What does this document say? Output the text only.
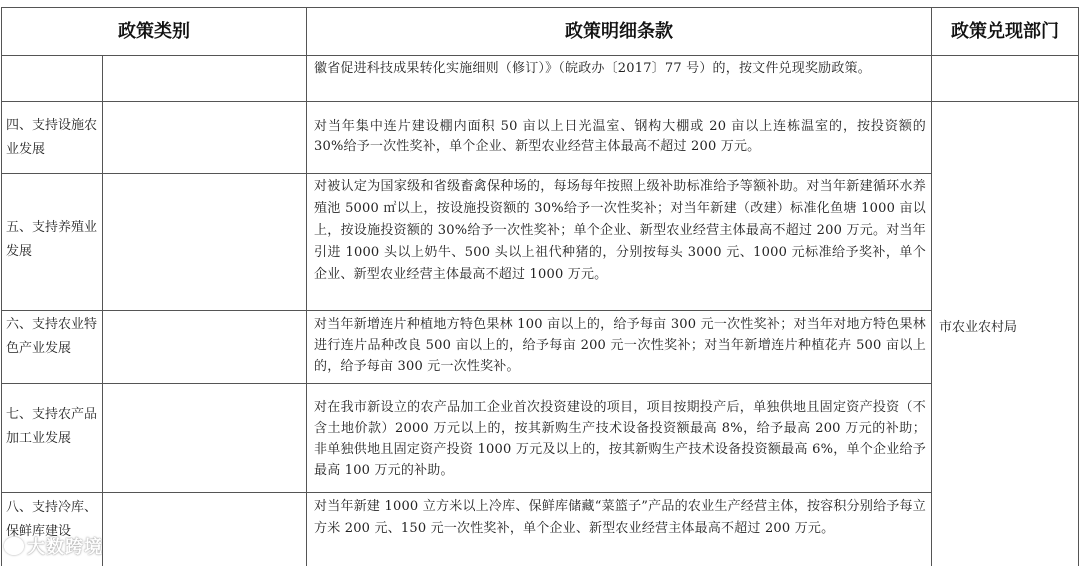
政策类别	政策明细条款	政策兑现部门
徽省促进科技成果转化实施细则（修订）》（皖政办〔2017〕77 号）的，按文件兑现奖励政策。
四、支持设施农业发展
对当年集中连片建设棚内面积 50 亩以上日光温室、钢构大棚或 20 亩以上连栋温室的，按投资额的 30%给予一次性奖补，单个企业、新型农业经营主体最高不超过 200 万元。
五、支持养殖业发展
对被认定为国家级和省级畜禽保种场的，每场每年按照上级补助标准给予等额补助。对当年新建循环水养殖池 5000 ㎡以上，按设施投资额的 30%给予一次性奖补；对当年新建（改建）标准化鱼塘 1000 亩以上，按设施投资额的 30%给予一次性奖补；单个企业、新型农业经营主体最高不超过 200 万元。对当年引进 1000 头以上奶牛、500 头以上祖代种猪的，分别按每头 3000 元、1000 元标准给予奖补，单个企业、新型农业经营主体最高不超过 1000 万元。
六、支持农业特色产业发展
对当年新增连片种植地方特色果林 100 亩以上的，给予每亩 300 元一次性奖补；对当年对地方特色果林进行连片品种改良 500 亩以上的，给予每亩 200 元一次性奖补；对当年新增连片种植花卉 500 亩以上的，给予每亩 300 元一次性奖补。
七、支持农产品加工业发展
对在我市新设立的农产品加工企业首次投资建设的项目，项目按期投产后，单独供地且固定资产投资（不含土地价款）2000 万元以上的，按其新购生产技术设备投资额最高 8%，给予最高 200 万元的补助；非单独供地且固定资产投资 1000 万元及以上的，按其新购生产技术设备投资额最高 6%，单个企业给予最高 100 万元的补助。
八、支持冷库、保鲜库建设
对当年新建 1000 立方米以上冷库、保鲜库储藏“菜篮子”产品的农业生产经营主体，按容积分别给予每立方米 200 元、150 元一次性奖补，单个企业、新型农业经营主体最高不超过 200 万元。
市农业农村局
大数跨境
